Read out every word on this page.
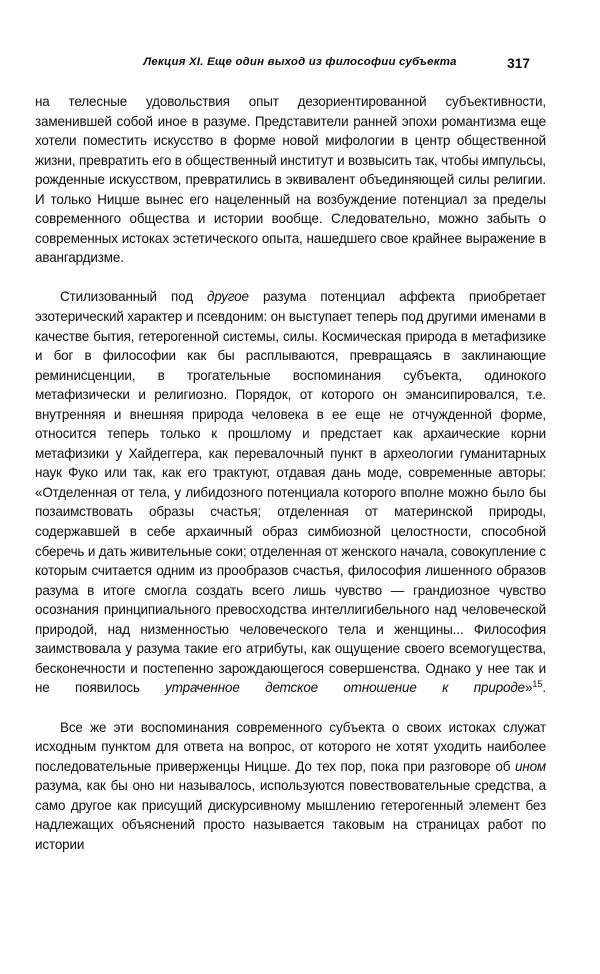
Лекция XI. Еще один выход из философии субъекта	317

на телесные удовольствия опыт дезориентированной субъективности, заменившей собой иное в разуме. Представители ранней эпохи романтизма еще хотели поместить искусство в форме новой мифологии в центр общественной жизни, превратить его в общественный институт и возвысить так, чтобы импульсы, рожденные искусством, превратились в эквивалент объединяющей силы религии. И только Ницше вынес его нацеленный на возбуждение потенциал за пределы современного общества и истории вообще. Следовательно, можно забыть о современных истоках эстетического опыта, нашедшего свое крайнее выражение в авангардизме.

Стилизованный под другое разума потенциал аффекта приобретает эзотерический характер и псевдоним: он выступает теперь под другими именами в качестве бытия, гетерогенной системы, силы. Космическая природа в метафизике и бог в философии как бы расплываются, превращаясь в заклинающие реминисценции, в трогательные воспоминания субъекта, одинокого метафизически и религиозно. Порядок, от которого он эмансипировался, т.е. внутренняя и внешняя природа человека в ее еще не отчужденной форме, относится теперь только к прошлому и предстает как архаические корни метафизики у Хайдеггера, как перевалочный пункт в археологии гуманитарных наук Фуко или так, как его трактуют, отдавая дань моде, современные авторы: «Отделенная от тела, у либидозного потенциала которого вполне можно было бы позаимствовать образы счастья; отделенная от материнской природы, содержавшей в себе архаичный образ симбиозной целостности, способной сберечь и дать живительные соки; отделенная от женского начала, совокупление с которым считается одним из прообразов счастья, философия лишенного образов разума в итоге смогла создать всего лишь чувство — грандиозное чувство осознания принципиального превосходства интеллигибельного над человеческой природой, над низменностью человеческого тела и женщины... Философия заимствовала у разума такие его атрибуты, как ощущение своего всемогущества, бесконечности и постепенно зарождающегося совершенства. Однако у нее так и не появилось утраченное детское отношение к природе»$^{15}$.

Все же эти воспоминания современного субъекта о своих истоках служат исходным пунктом для ответа на вопрос, от которого не хотят уходить наиболее последовательные приверженцы Ницше. До тех пор, пока при разговоре об ином разума, как бы оно ни называлось, используются повествовательные средства, а само другое как присущий дискурсивному мышлению гетерогенный элемент без надлежащих объяснений просто называется таковым на страницах работ по истории
